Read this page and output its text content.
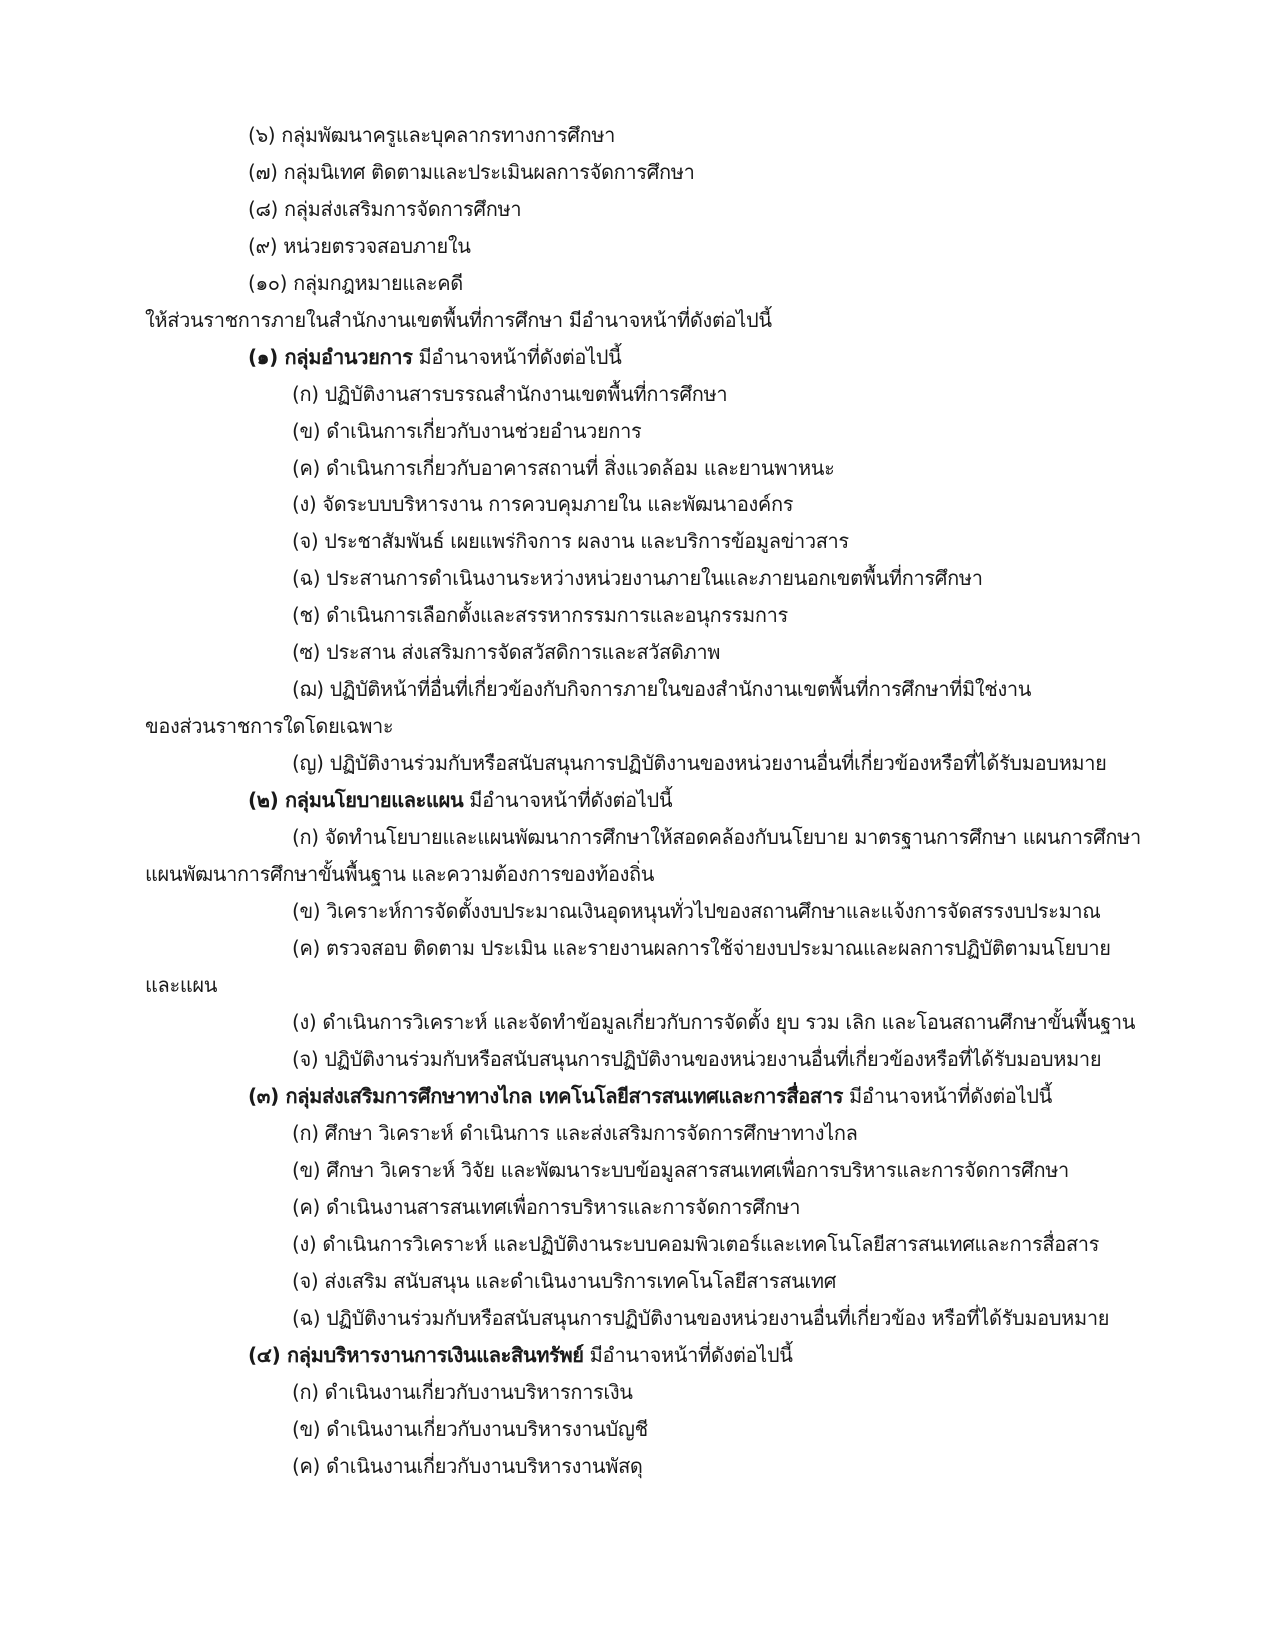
(๖) กลุ่มพัฒนาครูและบุคลากรทางการศึกษา
(๗) กลุ่มนิเทศ ติดตามและประเมินผลการจัดการศึกษา
(๘) กลุ่มส่งเสริมการจัดการศึกษา
(๙) หน่วยตรวจสอบภายใน
(๑๐) กลุ่มกฎหมายและคดี
ให้ส่วนราชการภายในสำนักงานเขตพื้นที่การศึกษา มีอำนาจหน้าที่ดังต่อไปนี้
(๑) กลุ่มอำนวยการ มีอำนาจหน้าที่ดังต่อไปนี้
(ก) ปฏิบัติงานสารบรรณสำนักงานเขตพื้นที่การศึกษา
(ข) ดำเนินการเกี่ยวกับงานช่วยอำนวยการ
(ค) ดำเนินการเกี่ยวกับอาคารสถานที่ สิ่งแวดล้อม และยานพาหนะ
(ง) จัดระบบบริหารงาน การควบคุมภายใน และพัฒนาองค์กร
(จ) ประชาสัมพันธ์ เผยแพร่กิจการ ผลงาน และบริการข้อมูลข่าวสาร
(ฉ) ประสานการดำเนินงานระหว่างหน่วยงานภายในและภายนอกเขตพื้นที่การศึกษา
(ช) ดำเนินการเลือกตั้งและสรรหากรรมการและอนุกรรมการ
(ซ) ประสาน ส่งเสริมการจัดสวัสดิการและสวัสดิภาพ
(ฌ) ปฏิบัติหน้าที่อื่นที่เกี่ยวข้องกับกิจการภายในของสำนักงานเขตพื้นที่การศึกษาที่มิใช่งาน
ของส่วนราชการใดโดยเฉพาะ
(ญ) ปฏิบัติงานร่วมกับหรือสนับสนุนการปฏิบัติงานของหน่วยงานอื่นที่เกี่ยวข้องหรือที่ได้รับมอบหมาย
(๒) กลุ่มนโยบายและแผน มีอำนาจหน้าที่ดังต่อไปนี้
(ก) จัดทำนโยบายและแผนพัฒนาการศึกษาให้สอดคล้องกับนโยบาย มาตรฐานการศึกษา แผนการศึกษา
แผนพัฒนาการศึกษาขั้นพื้นฐาน และความต้องการของท้องถิ่น
(ข) วิเคราะห์การจัดตั้งงบประมาณเงินอุดหนุนทั่วไปของสถานศึกษาและแจ้งการจัดสรรงบประมาณ
(ค) ตรวจสอบ ติดตาม ประเมิน และรายงานผลการใช้จ่ายงบประมาณและผลการปฏิบัติตามนโยบาย
และแผน
(ง) ดำเนินการวิเคราะห์ และจัดทำข้อมูลเกี่ยวกับการจัดตั้ง ยุบ รวม เลิก และโอนสถานศึกษาขั้นพื้นฐาน
(จ) ปฏิบัติงานร่วมกับหรือสนับสนุนการปฏิบัติงานของหน่วยงานอื่นที่เกี่ยวข้องหรือที่ได้รับมอบหมาย
(๓) กลุ่มส่งเสริมการศึกษาทางไกล เทคโนโลยีสารสนเทศและการสื่อสาร มีอำนาจหน้าที่ดังต่อไปนี้
(ก) ศึกษา วิเคราะห์ ดำเนินการ และส่งเสริมการจัดการศึกษาทางไกล
(ข) ศึกษา วิเคราะห์ วิจัย และพัฒนาระบบข้อมูลสารสนเทศเพื่อการบริหารและการจัดการศึกษา
(ค) ดำเนินงานสารสนเทศเพื่อการบริหารและการจัดการศึกษา
(ง) ดำเนินการวิเคราะห์ และปฏิบัติงานระบบคอมพิวเตอร์และเทคโนโลยีสารสนเทศและการสื่อสาร
(จ) ส่งเสริม สนับสนุน และดำเนินงานบริการเทคโนโลยีสารสนเทศ
(ฉ) ปฏิบัติงานร่วมกับหรือสนับสนุนการปฏิบัติงานของหน่วยงานอื่นที่เกี่ยวข้อง หรือที่ได้รับมอบหมาย
(๔) กลุ่มบริหารงานการเงินและสินทรัพย์ มีอำนาจหน้าที่ดังต่อไปนี้
(ก) ดำเนินงานเกี่ยวกับงานบริหารการเงิน
(ข) ดำเนินงานเกี่ยวกับงานบริหารงานบัญชี
(ค) ดำเนินงานเกี่ยวกับงานบริหารงานพัสดุ
